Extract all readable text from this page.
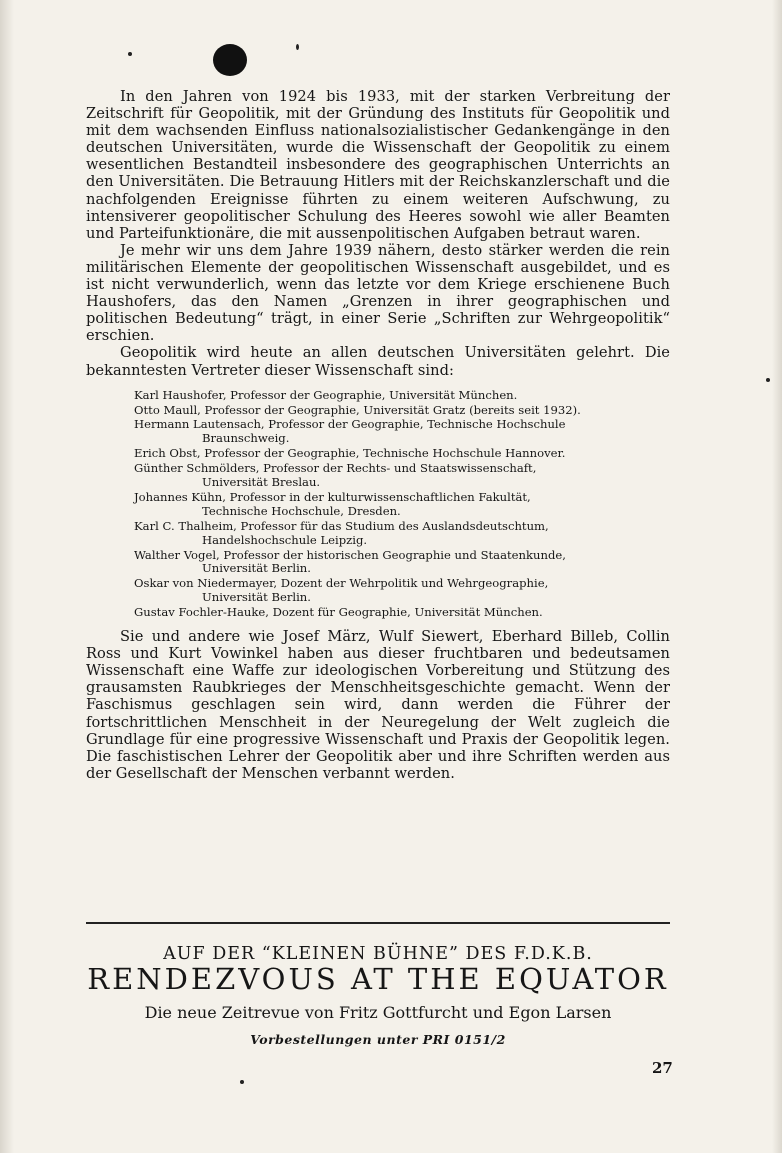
In den Jahren von 1924 bis 1933, mit der starken Verbreitung der Zeitschrift für Geopolitik, mit der Gründung des Instituts für Geopolitik und mit dem wachsenden Einfluss nationalsozialistischer Gedankengänge in den deutschen Universitäten, wurde die Wissenschaft der Geopolitik zu einem wesentlichen Bestandteil insbesondere des geographischen Unterrichts an den Universitäten. Die Betrauung Hitlers mit der Reichskanzlerschaft und die nachfolgenden Ereignisse führten zu einem weiteren Aufschwung, zu intensiverer geopolitischer Schulung des Heeres sowohl wie aller Beamten und Parteifunktionäre, die mit aussenpolitischen Aufgaben betraut waren.

Je mehr wir uns dem Jahre 1939 nähern, desto stärker werden die rein militärischen Elemente der geopolitischen Wissenschaft ausgebildet, und es ist nicht verwunderlich, wenn das letzte vor dem Kriege erschienene Buch Haushofers, das den Namen „Grenzen in ihrer geographischen und politischen Bedeutung“ trägt, in einer Serie „Schriften zur Wehrgeopolitik“ erschien.

Geopolitik wird heute an allen deutschen Universitäten gelehrt. Die bekanntesten Vertreter dieser Wissenschaft sind:

Karl Haushofer, Professor der Geographie, Universität München.
Otto Maull, Professor der Geographie, Universität Gratz (bereits seit 1932).
Hermann Lautensach, Professor der Geographie, Technische Hochschule
Braunschweig.
Erich Obst, Professor der Geographie, Technische Hochschule Hannover.
Günther Schmölders, Professor der Rechts- und Staatswissenschaft,
Universität Breslau.
Johannes Kühn, Professor in der kulturwissenschaftlichen Fakultät,
Technische Hochschule, Dresden.
Karl C. Thalheim, Professor für das Studium des Auslandsdeutschtum,
Handelshochschule Leipzig.
Walther Vogel, Professor der historischen Geographie und Staatenkunde,
Universität Berlin.
Oskar von Niedermayer, Dozent der Wehrpolitik und Wehrgeographie,
Universität Berlin.
Gustav Fochler-Hauke, Dozent für Geographie, Universität München.

Sie und andere wie Josef März, Wulf Siewert, Eberhard Billeb, Collin Ross und Kurt Vowinkel haben aus dieser fruchtbaren und bedeutsamen Wissenschaft eine Waffe zur ideologischen Vorbereitung und Stützung des grausamsten Raubkrieges der Menschheitsgeschichte gemacht. Wenn der Faschismus geschlagen sein wird, dann werden die Führer der fortschrittlichen Menschheit in der Neuregelung der Welt zugleich die Grundlage für eine progressive Wissenschaft und Praxis der Geopolitik legen. Die faschistischen Lehrer der Geopolitik aber und ihre Schriften werden aus der Gesellschaft der Menschen verbannt werden.

AUF DER “KLEINEN BÜHNE” DES F.D.K.B.
RENDEZVOUS AT THE EQUATOR
Die neue Zeitrevue von Fritz Gottfurcht und Egon Larsen
Vorbestellungen unter PRI 0151/2
27
